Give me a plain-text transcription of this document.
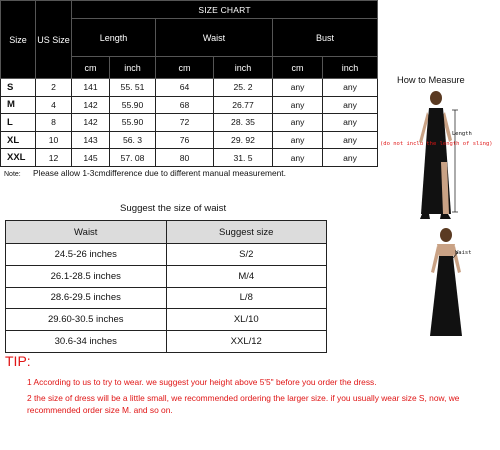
Size	US Size	SIZE CHART					
		Length		Waist		Bust	
		cm	inch	cm	inch	cm	inch
S	2	141	55. 51	64	25. 2	any	any
M	4	142	55.90	68	26.77	any	any
L	8	142	55.90	72	28. 35	any	any
XL	10	143	56. 3	76	29. 92	any	any
XXL	12	145	57. 08	80	31. 5	any	any
Note: Please allow 1-3cmdifference due to different manual measurement.
Suggest the size of waist
Waist	Suggest size
24.5-26 inches	S/2
26.1-28.5 inches	M/4
28.6-29.5 inches	L/8
29.60-30.5 inches	XL/10
30.6-34 inches	XXL/12
TIP:
1 According to us to try to wear. we suggest your height above 5'5" before you order the dress.
2 the size of dress will be a little small, we recommended ordering the larger size. if you usually wear size S, now, we recommended order size M. and so on.
How to Measure
Length
(do not inclu the length of sling)
Waist
